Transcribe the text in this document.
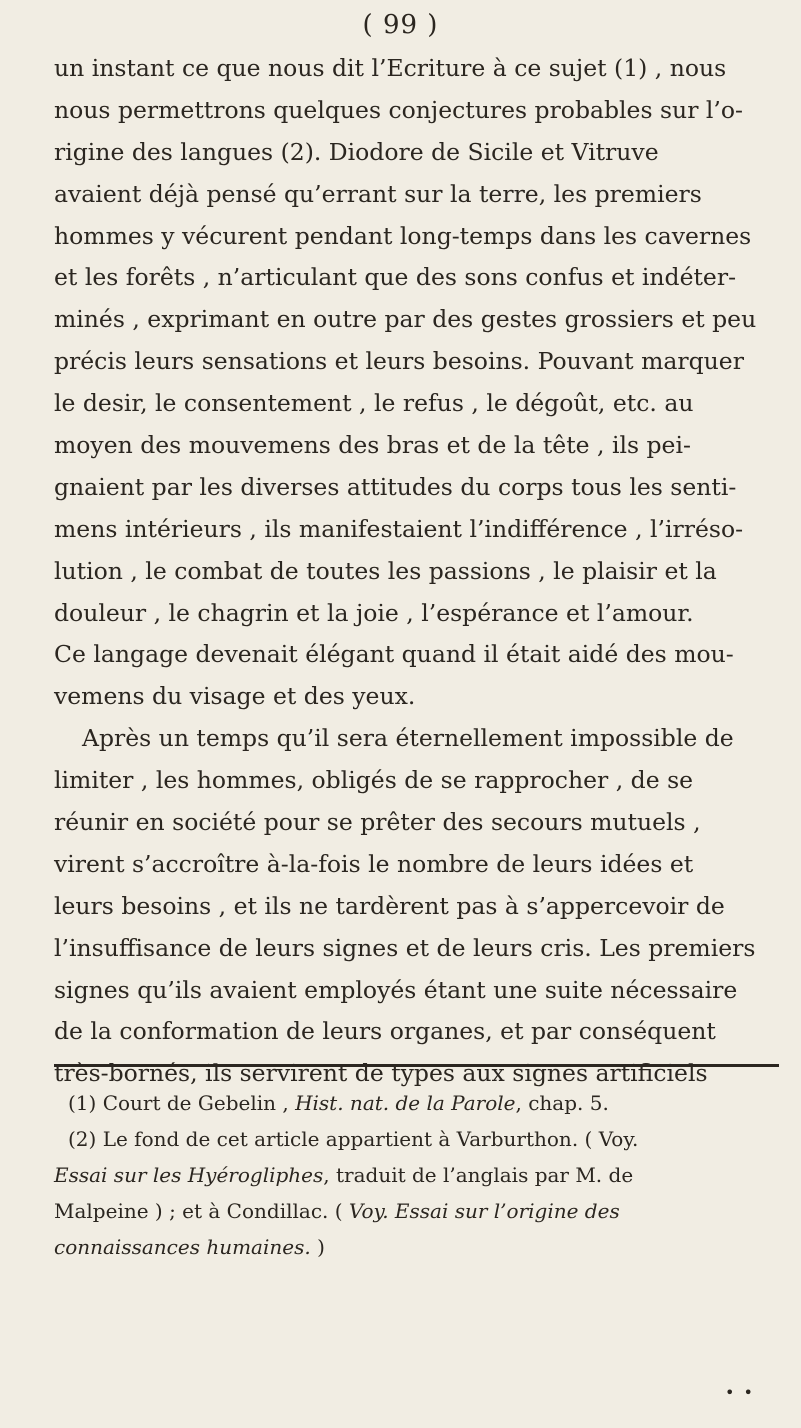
( 99 )
un instant ce que nous dit l’Ecriture à ce sujet (1) , nous
nous permettrons quelques conjectures probables sur l’o-
rigine des langues (2). Diodore de Sicile et Vitruve
avaient déjà pensé qu’errant sur la terre, les premiers
hommes y vécurent pendant long-temps dans les cavernes
et les forêts , n’articulant que des sons confus et indéter-
minés , exprimant en outre par des gestes grossiers et peu
précis leurs sensations et leurs besoins. Pouvant marquer
le desir, le consentement , le refus , le dégoût, etc. au
moyen des mouvemens des bras et de la tête , ils pei-
gnaient par les diverses attitudes du corps tous les senti-
mens intérieurs , ils manifestaient l’indifférence , l’irréso-
lution , le combat de toutes les passions , le plaisir et la
douleur , le chagrin et la joie , l’espérance et l’amour.
Ce langage devenait élégant quand il était aidé des mou-
vemens du visage et des yeux.
Après un temps qu’il sera éternellement impossible de
limiter , les hommes, obligés de se rapprocher , de se
réunir en société pour se prêter des secours mutuels ,
virent s’accroître à-la-fois le nombre de leurs idées et
leurs besoins , et ils ne tardèrent pas à s’appercevoir de
l’insuffisance de leurs signes et de leurs cris. Les premiers
signes qu’ils avaient employés étant une suite nécessaire
de la conformation de leurs organes, et par conséquent
très-bornés, ils servirent de types aux signes artificiels
(1) Court de Gebelin , Hist. nat. de la Parole, chap. 5.
(2) Le fond de cet article appartient à Varburthon. ( Voy.
Essai sur les Hyérogliphes, traduit de l’anglais par M. de
Malpeine ) ; et à Condillac. ( Voy. Essai sur l’origine des
connaissances humaines. )
• •
